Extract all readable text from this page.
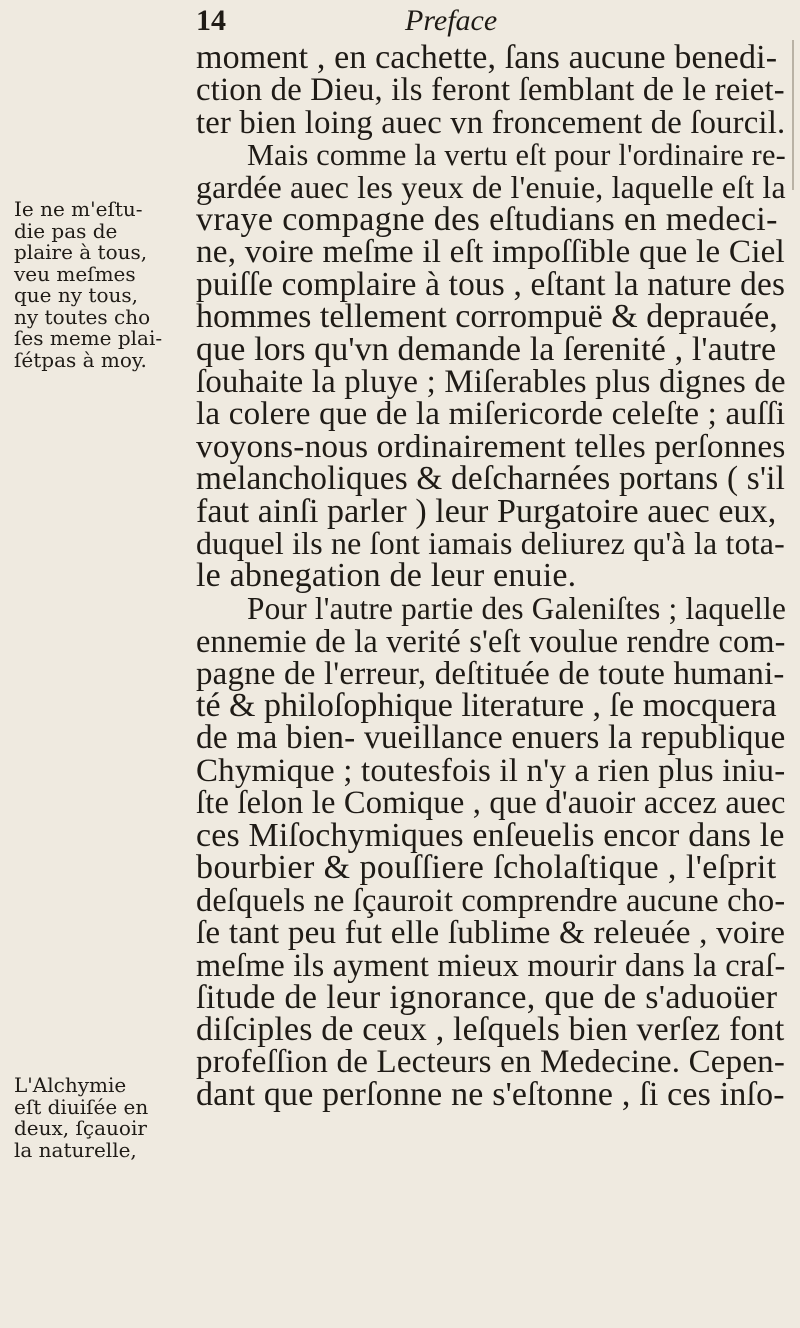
14	Preface
moment , en cachette, ſans aucune benedi-
ction de Dieu, ils feront ſemblant de le reiet-
ter bien loing auec vn froncement de ſourcil.
Mais comme la vertu eſt pour l'ordinaire re-
gardée auec les yeux de l'enuie, laquelle eſt la
vraye compagne des eſtudians en medeci-
ne, voire meſme il eſt impoſſible que le Ciel
puiſſe complaire à tous , eſtant la nature des
hommes tellement corrompuë & deprauée,
que lors qu'vn demande la ſerenité , l'autre
ſouhaite la pluye ; Miſerables plus dignes de
la colere que de la miſericorde celeſte ; auſſi
voyons-nous ordinairement telles perſonnes
melancholiques & deſcharnées portans ( s'il
faut ainſi parler ) leur Purgatoire auec eux,
duquel ils ne ſont iamais deliurez qu'à la tota-
le abnegation de leur enuie.
Pour l'autre partie des Galeniſtes ; laquelle
ennemie de la verité s'eſt voulue rendre com-
pagne de l'erreur, deſtituée de toute humani-
té & philoſophique literature , ſe mocquera
de ma bien- vueillance enuers la republique
Chymique ; toutesfois il n'y a rien plus iniu-
ſte ſelon le Comique , que d'auoir accez auec
ces Miſochymiques enſeuelis encor dans le
bourbier & pouſſiere ſcholaſtique , l'eſprit
deſquels ne ſçauroit comprendre aucune cho-
ſe tant peu fut elle ſublime & releuée , voire
meſme ils ayment mieux mourir dans la craſ-
ſitude de leur ignorance, que de s'aduoüer
diſciples de ceux , leſquels bien verſez font
profeſſion de Lecteurs en Medecine. Cepen-
dant que perſonne ne s'eſtonne , ſi ces inſo-
Ie ne m'eſtu-
die pas de
plaire à tous,
veu meſmes
que ny tous,
ny toutes cho
ſes meme plai-
ſétpas à moy.
L'Alchymie
eſt diuiſée en
deux, ſçauoir
la naturelle,
